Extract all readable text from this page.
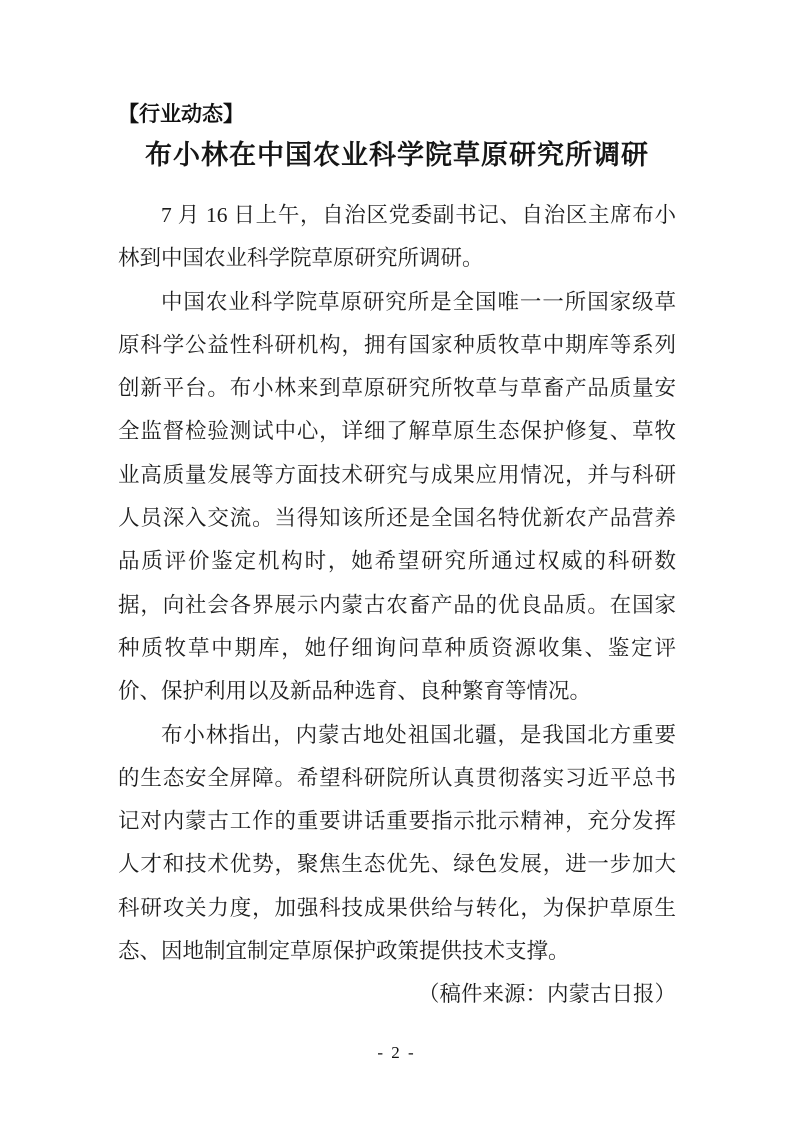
【行业动态】
布小林在中国农业科学院草原研究所调研

7 月 16 日上午，自治区党委副书记、自治区主席布小林到中国农业科学院草原研究所调研。

中国农业科学院草原研究所是全国唯一一所国家级草原科学公益性科研机构，拥有国家种质牧草中期库等系列创新平台。布小林来到草原研究所牧草与草畜产品质量安全监督检验测试中心，详细了解草原生态保护修复、草牧业高质量发展等方面技术研究与成果应用情况，并与科研人员深入交流。当得知该所还是全国名特优新农产品营养品质评价鉴定机构时，她希望研究所通过权威的科研数据，向社会各界展示内蒙古农畜产品的优良品质。在国家种质牧草中期库，她仔细询问草种质资源收集、鉴定评价、保护利用以及新品种选育、良种繁育等情况。

布小林指出，内蒙古地处祖国北疆，是我国北方重要的生态安全屏障。希望科研院所认真贯彻落实习近平总书记对内蒙古工作的重要讲话重要指示批示精神，充分发挥人才和技术优势，聚焦生态优先、绿色发展，进一步加大科研攻关力度，加强科技成果供给与转化，为保护草原生态、因地制宜制定草原保护政策提供技术支撑。

（稿件来源：内蒙古日报）

- 2 -
